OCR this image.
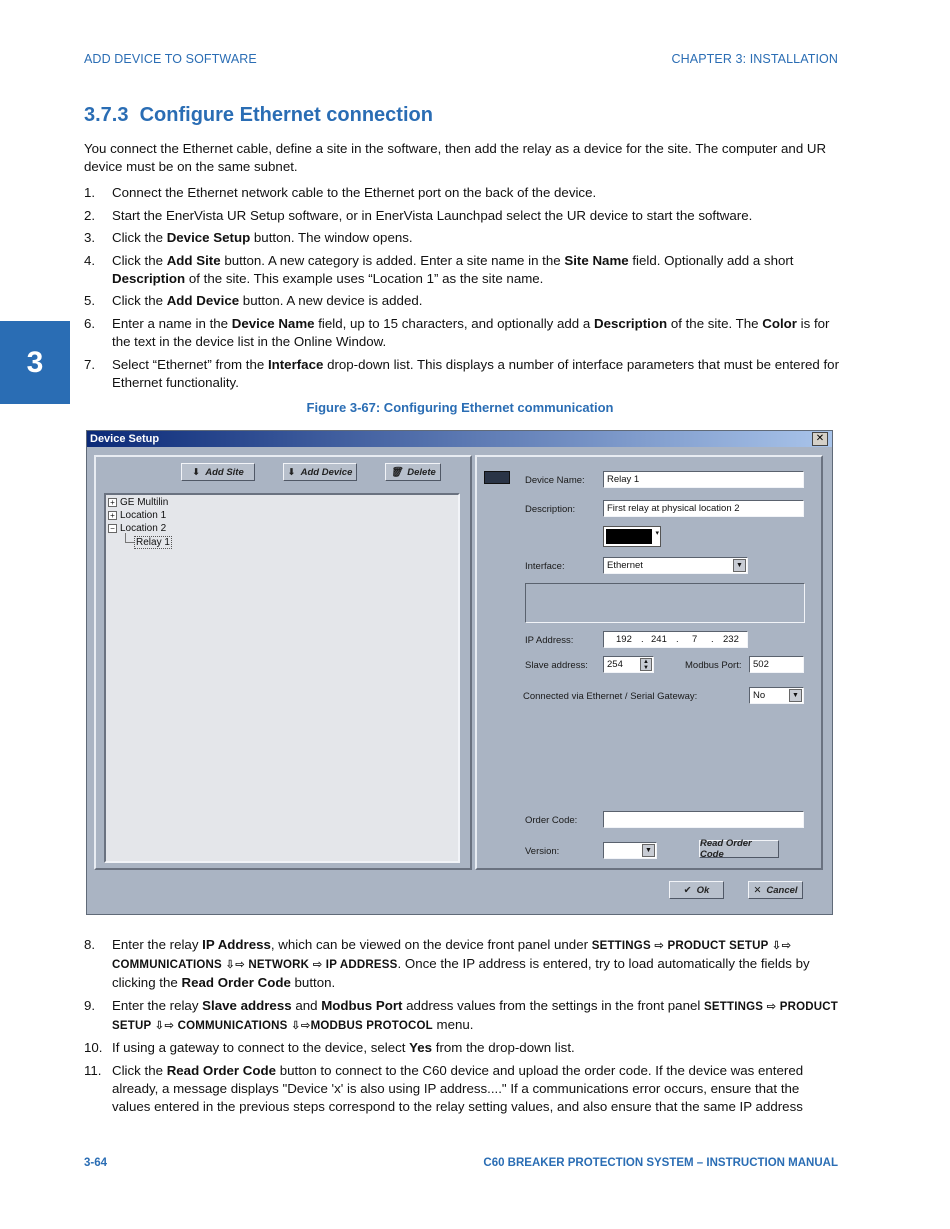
ADD DEVICE TO SOFTWARE	CHAPTER 3: INSTALLATION
3.7.3 Configure Ethernet connection
You connect the Ethernet cable, define a site in the software, then add the relay as a device for the site. The computer and UR device must be on the same subnet.
3
1.	Connect the Ethernet network cable to the Ethernet port on the back of the device.
2.	Start the EnerVista UR Setup software, or in EnerVista Launchpad select the UR device to start the software.
3.	Click the Device Setup button. The window opens.
4.	Click the Add Site button. A new category is added. Enter a site name in the Site Name field. Optionally add a short Description of the site. This example uses “Location 1” as the site name.
5.	Click the Add Device button. A new device is added.
6.	Enter a name in the Device Name field, up to 15 characters, and optionally add a Description of the site. The Color is for the text in the device list in the Online Window.
7.	Select “Ethernet” from the Interface drop-down list. This displays a number of interface parameters that must be entered for Ethernet functionality.
Figure 3-67: Configuring Ethernet communication
Device Setup	✕
⬇ Add Site	⬇ Add Device	🗑 Delete
+ GE Multilin
+ Location 1
− Location 2
Relay 1
Device Name:	Relay 1
Description:	First relay at physical location 2
▾
Interface:	Ethernet	▼
IP Address:	192 . 241 . 7 . 232
Slave address:	254	▲
▼	Modbus Port:	502
Connected via Ethernet / Serial Gateway:	No	▼
Order Code:
Version:	▼
Read Order Code
✔ Ok	✕ Cancel
8.	Enter the relay IP Address, which can be viewed on the device front panel under SETTINGS ⇨ PRODUCT SETUP ⇩⇨ COMMUNICATIONS ⇩⇨ NETWORK ⇨ IP ADDRESS. Once the IP address is entered, try to load automatically the fields by clicking the Read Order Code button.
9.	Enter the relay Slave address and Modbus Port address values from the settings in the front panel SETTINGS ⇨ PRODUCT SETUP ⇩⇨ COMMUNICATIONS ⇩⇨MODBUS PROTOCOL menu.
10. If using a gateway to connect to the device, select Yes from the drop-down list.
11. Click the Read Order Code button to connect to the C60 device and upload the order code. If the device was entered already, a message displays "Device 'x' is also using IP address...." If a communications error occurs, ensure that the values entered in the previous steps correspond to the relay setting values, and also ensure that the same IP address
3-64	C60 BREAKER PROTECTION SYSTEM – INSTRUCTION MANUAL
